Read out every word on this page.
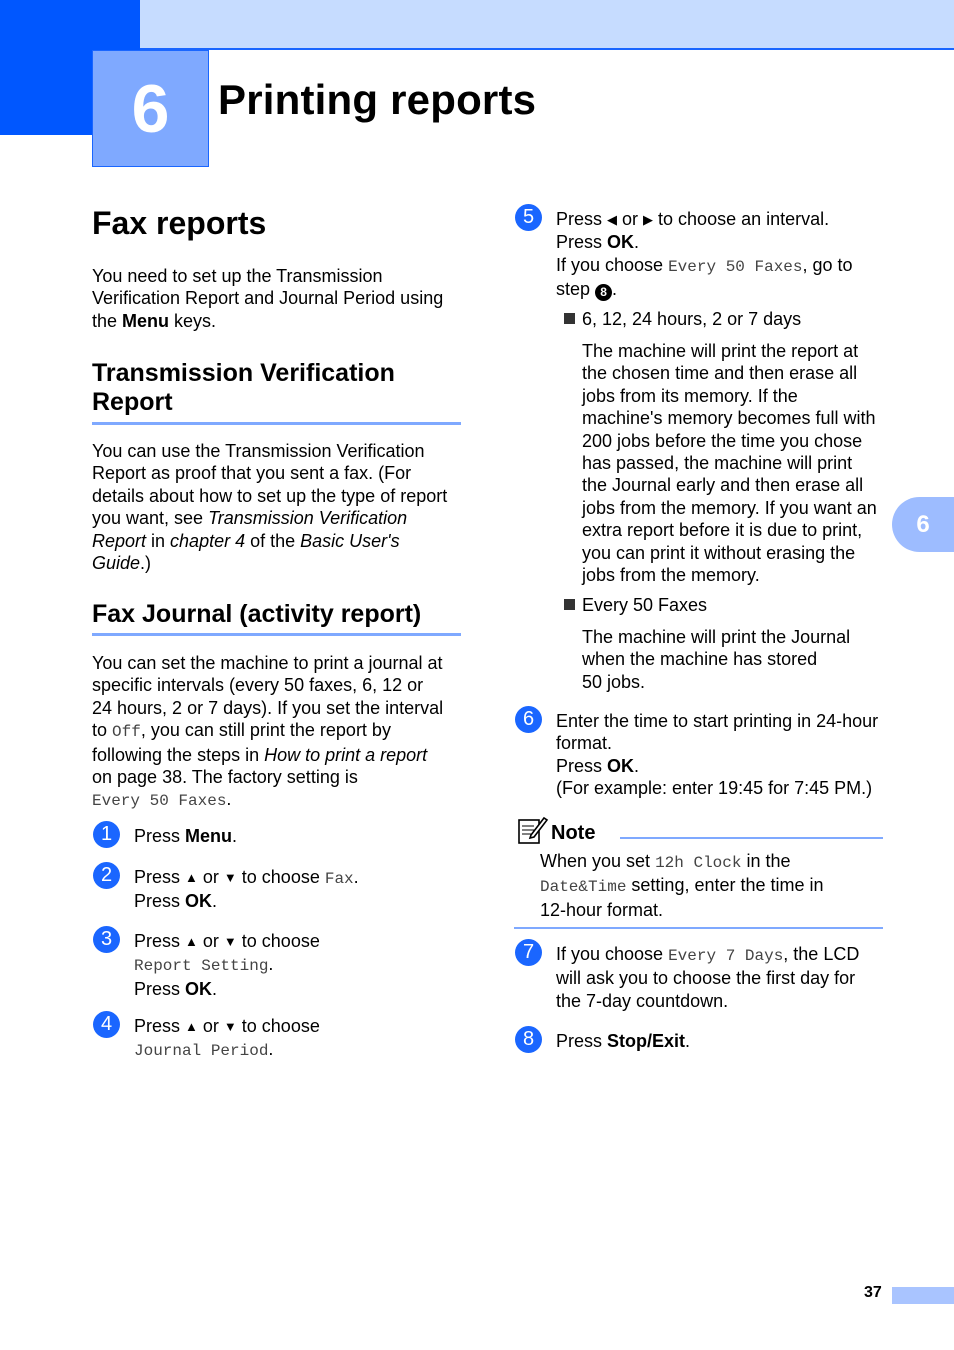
6 Printing reports
6
Fax reports
You need to set up the Transmission
Verification Report and Journal Period using
the Menu keys.
Transmission Verification
Report
You can use the Transmission Verification
Report as proof that you sent a fax. (For
details about how to set up the type of report
you want, see Transmission Verification
Report in chapter 4 of the Basic User's
Guide.)
Fax Journal (activity report)
You can set the machine to print a journal at
specific intervals (every 50 faxes, 6, 12 or
24 hours, 2 or 7 days). If you set the interval
to Off, you can still print the report by
following the steps in How to print a report
on page 38. The factory setting is
Every 50 Faxes.
1	Press Menu.
2	Press ▲ or ▼ to choose Fax.
Press OK.
3	Press ▲ or ▼ to choose
Report Setting.
Press OK.
4	Press ▲ or ▼ to choose
Journal Period.
5	Press ◀ or ▶ to choose an interval.
Press OK.
If you choose Every 50 Faxes, go to
step 8 .
6, 12, 24 hours, 2 or 7 days
The machine will print the report at
the chosen time and then erase all
jobs from its memory. If the
machine's memory becomes full with
200 jobs before the time you chose
has passed, the machine will print
the Journal early and then erase all
jobs from the memory. If you want an
extra report before it is due to print,
you can print it without erasing the
jobs from the memory.
Every 50 Faxes
The machine will print the Journal
when the machine has stored
50 jobs.
6	Enter the time to start printing in 24-hour
format.
Press OK.
(For example: enter 19:45 for 7:45 PM.)
Note
When you set 12h Clock in the
Date&Time setting, enter the time in
12-hour format.
7	If you choose Every 7 Days, the LCD
will ask you to choose the first day for
the 7-day countdown.
8	Press Stop/Exit.
37
